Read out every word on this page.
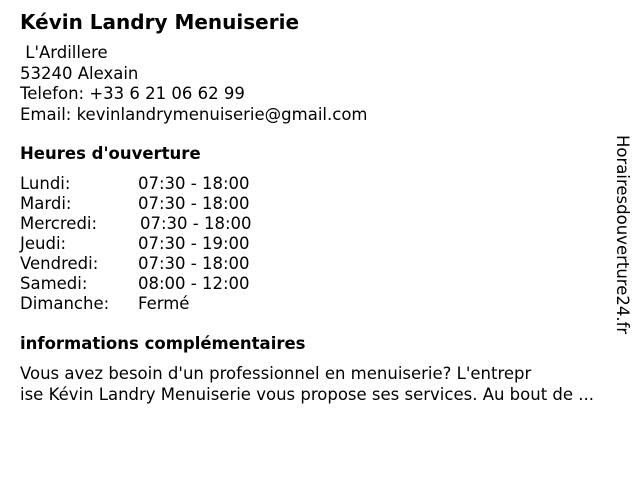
Kévin Landry Menuiserie
L'Ardillere
53240 Alexain
Telefon: +33 6 21 06 62 99
Email: kevinlandrymenuiserie@gmail.com
Heures d'ouverture
Lundi:	07:30 - 18:00
Mardi:	07:30 - 18:00
Mercredi:	07:30 - 18:00
Jeudi:	07:30 - 19:00
Vendredi: 07:30 - 18:00
Samedi:	08:00 - 12:00
Dimanche: Fermé
informations complémentaires
Vous avez besoin d'un professionnel en menuiserie? L'entrepr
ise Kévin Landry Menuiserie vous propose ses services. Au bout de ...
Horairesdouverture24.fr
